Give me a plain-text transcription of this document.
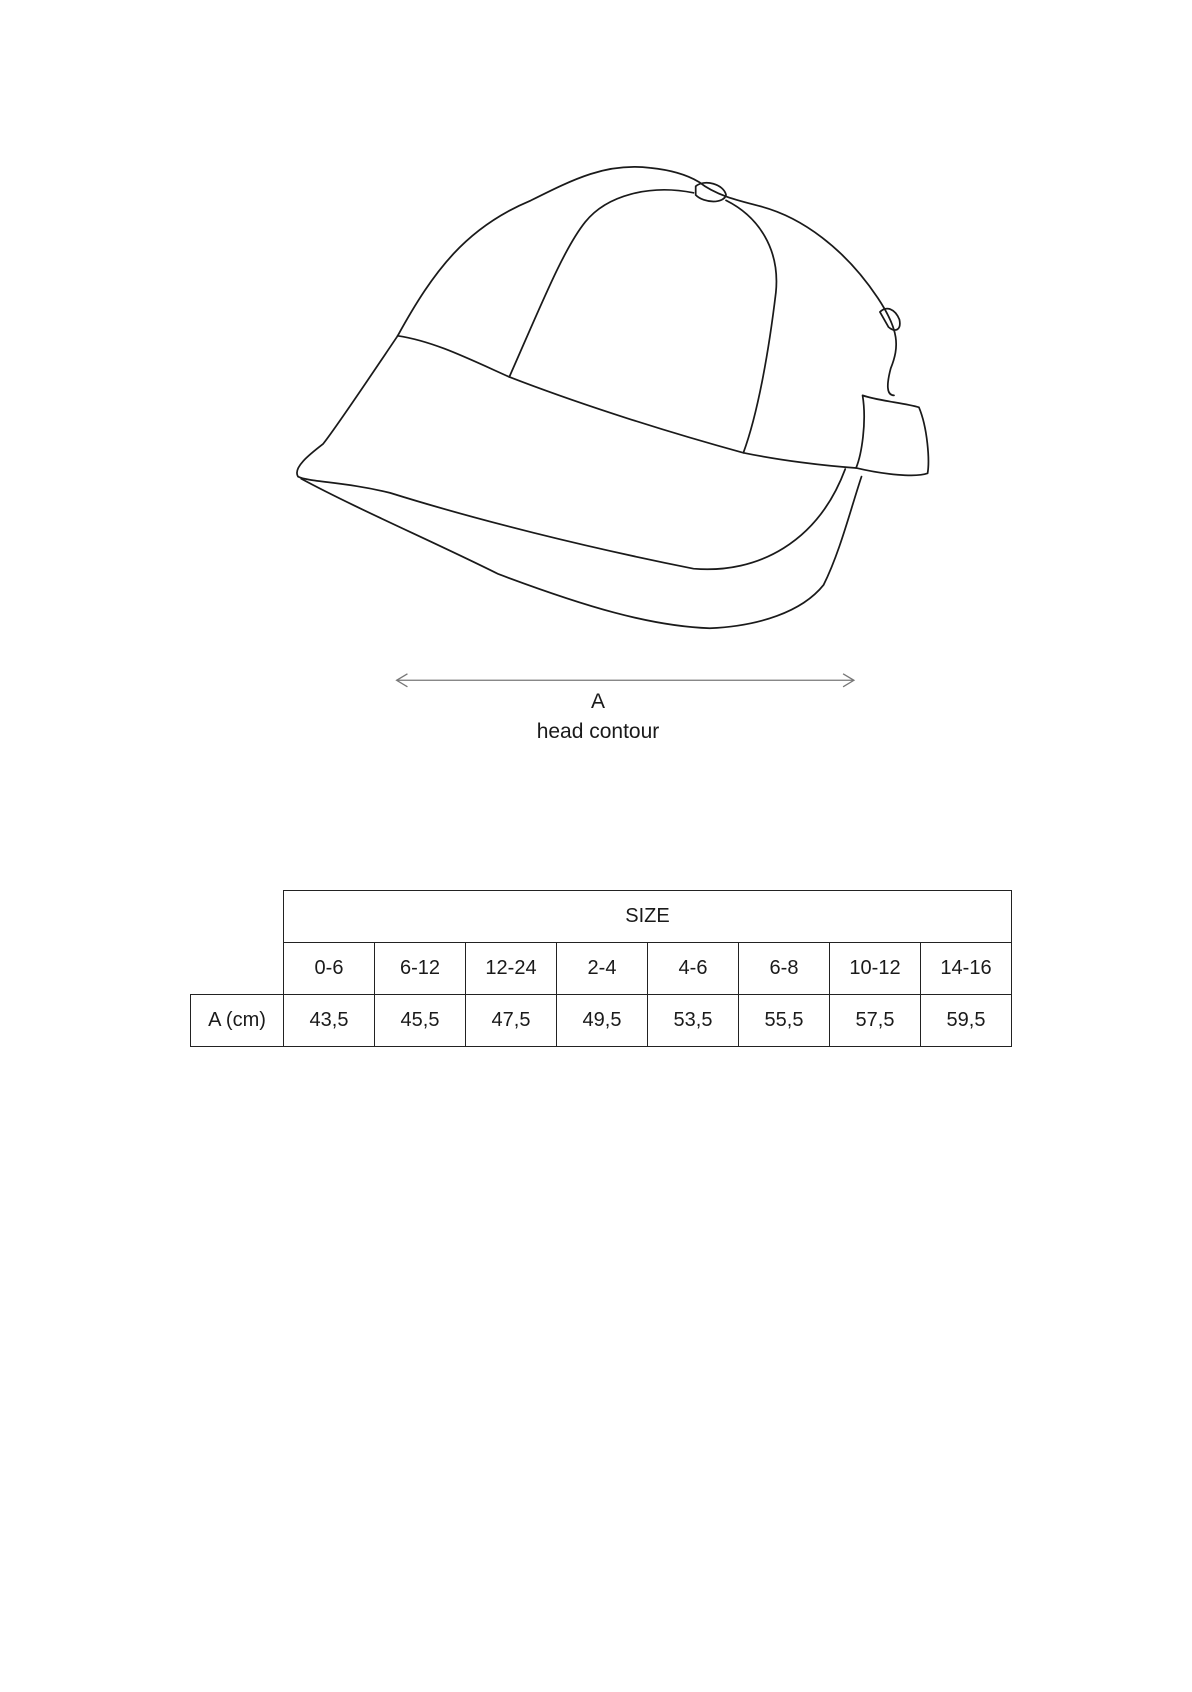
A
head contour
	SIZE							
	0-6	6-12	12-24	2-4	4-6	6-8	10-12	14-16
A (cm)	43,5	45,5	47,5	49,5	53,5	55,5	57,5	59,5
